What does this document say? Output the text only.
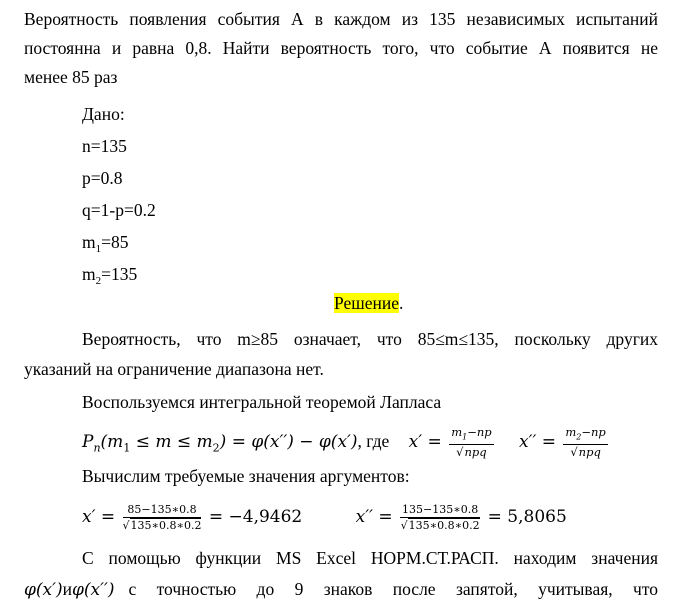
Вероятность появления события А в каждом из 135 независимых испытаний
постоянна и равна 0,8. Найти вероятность того, что событие А появится не
менее 85 раз
Дано:
n=135
p=0.8
q=1-p=0.2
$m_1=85$
$m_2=135$
Решение.
Вероятность, что m≥85 означает, что 85≤m≤135, поскольку других
указаний на ограничение диапазона нет.
Воспользуемся интегральной теоремой Лапласа
$P_n(m_1 \le m \le m_2) = \varphi(x'') - \varphi(x')$, где $x' = \frac{m_1-np}{\text{√npq}} x'' = \frac{m_2-np}{\text{√npq}}$
Вычислим требуемые значения аргументов:
$x' = \frac{85-135∗0.8}{√135∗0.8∗0.2} = -4,9462$	$x'' = \frac{135-135∗0.8}{√135∗0.8∗0.2} = 5,8065$
С помощью функции MS Excel НОРМ.СТ.РАСП. находим значения
φ(x′) и φ(x′′) с точностью до 9 знаков после запятой, учитывая, что
